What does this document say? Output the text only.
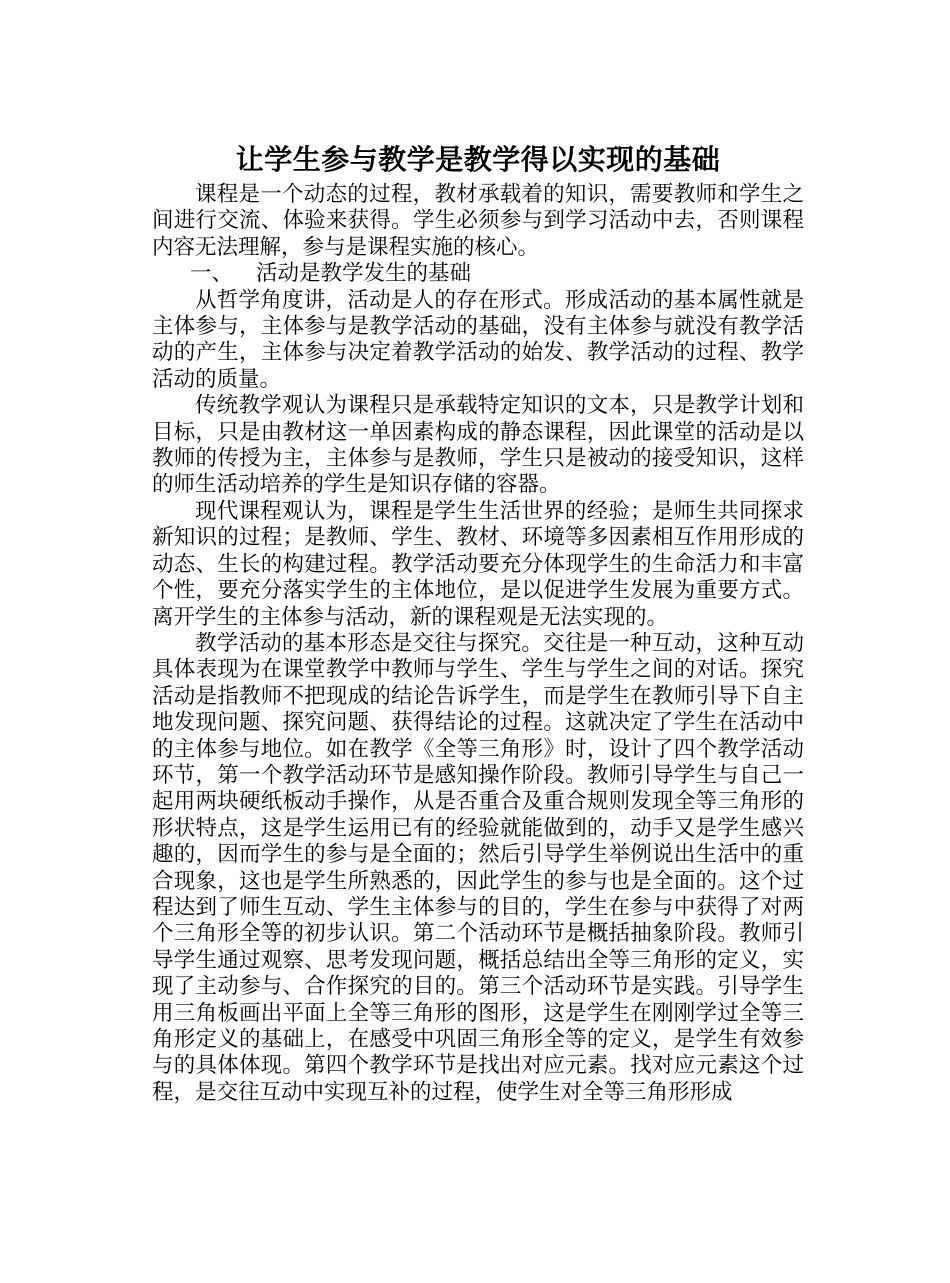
让学生参与教学是教学得以实现的基础

课程是一个动态的过程，教材承载着的知识，需要教师和学生之间进行交流、体验来获得。学生必须参与到学习活动中去，否则课程内容无法理解，参与是课程实施的核心。

一、 活动是教学发生的基础

从哲学角度讲，活动是人的存在形式。形成活动的基本属性就是主体参与，主体参与是教学活动的基础，没有主体参与就没有教学活动的产生，主体参与决定着教学活动的始发、教学活动的过程、教学活动的质量。

传统教学观认为课程只是承载特定知识的文本，只是教学计划和目标，只是由教材这一单因素构成的静态课程，因此课堂的活动是以教师的传授为主，主体参与是教师，学生只是被动的接受知识，这样的师生活动培养的学生是知识存储的容器。

现代课程观认为，课程是学生生活世界的经验；是师生共同探求新知识的过程；是教师、学生、教材、环境等多因素相互作用形成的动态、生长的构建过程。教学活动要充分体现学生的生命活力和丰富个性，要充分落实学生的主体地位，是以促进学生发展为重要方式。离开学生的主体参与活动，新的课程观是无法实现的。

教学活动的基本形态是交往与探究。交往是一种互动，这种互动具体表现为在课堂教学中教师与学生、学生与学生之间的对话。探究活动是指教师不把现成的结论告诉学生，而是学生在教师引导下自主地发现问题、探究问题、获得结论的过程。这就决定了学生在活动中的主体参与地位。如在教学《全等三角形》时，设计了四个教学活动环节，第一个教学活动环节是感知操作阶段。教师引导学生与自己一起用两块硬纸板动手操作，从是否重合及重合规则发现全等三角形的形状特点，这是学生运用已有的经验就能做到的，动手又是学生感兴趣的，因而学生的参与是全面的；然后引导学生举例说出生活中的重合现象，这也是学生所熟悉的，因此学生的参与也是全面的。这个过程达到了师生互动、学生主体参与的目的，学生在参与中获得了对两个三角形全等的初步认识。第二个活动环节是概括抽象阶段。教师引导学生通过观察、思考发现问题，概括总结出全等三角形的定义，实现了主动参与、合作探究的目的。第三个活动环节是实践。引导学生用三角板画出平面上全等三角形的图形，这是学生在刚刚学过全等三角形定义的基础上，在感受中巩固三角形全等的定义，是学生有效参与的具体体现。第四个教学环节是找出对应元素。找对应元素这个过程，是交往互动中实现互补的过程，使学生对全等三角形形成
